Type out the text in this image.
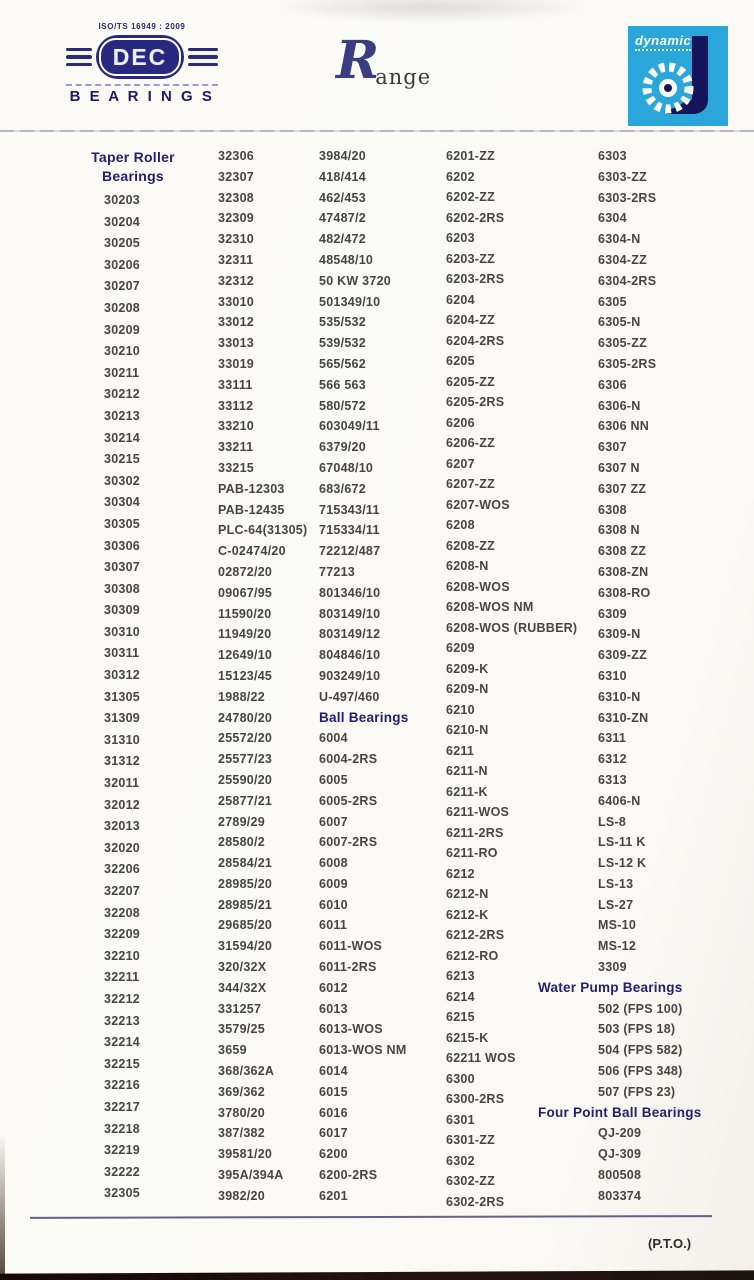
ISO/TS 16949 : 2009
DEC
B E A R I N G S
Range
dynamic
Taper Roller Bearings
30203
30204
30205
30206
30207
30208
30209
30210
30211
30212
30213
30214
30215
30302
30304
30305
30306
30307
30308
30309
30310
30311
30312
31305
31309
31310
31312
32011
32012
32013
32020
32206
32207
32208
32209
32210
32211
32212
32213
32214
32215
32216
32217
32218
32219
32222
32305
32306
32307
32308
32309
32310
32311
32312
33010
33012
33013
33019
33111
33112
33210
33211
33215
PAB-12303
PAB-12435
PLC-64(31305)
C-02474/20
02872/20
09067/95
11590/20
11949/20
12649/10
15123/45
1988/22
24780/20
25572/20
25577/23
25590/20
25877/21
2789/29
28580/2
28584/21
28985/20
28985/21
29685/20
31594/20
320/32X
344/32X
331257
3579/25
3659
368/362A
369/362
3780/20
387/382
39581/20
395A/394A
3982/20
3984/20
418/414
462/453
47487/2
482/472
48548/10
50 KW 3720
501349/10
535/532
539/532
565/562
566 563
580/572
603049/11
6379/20
67048/10
683/672
715343/11
715334/11
72212/487
77213
801346/10
803149/10
803149/12
804846/10
903249/10
U-497/460
Ball Bearings
6004
6004-2RS
6005
6005-2RS
6007
6007-2RS
6008
6009
6010
6011
6011-WOS
6011-2RS
6012
6013
6013-WOS
6013-WOS NM
6014
6015
6016
6017
6200
6200-2RS
6201
6201-ZZ
6202
6202-ZZ
6202-2RS
6203
6203-ZZ
6203-2RS
6204
6204-ZZ
6204-2RS
6205
6205-ZZ
6205-2RS
6206
6206-ZZ
6207
6207-ZZ
6207-WOS
6208
6208-ZZ
6208-N
6208-WOS
6208-WOS NM
6208-WOS (RUBBER)
6209
6209-K
6209-N
6210
6210-N
6211
6211-N
6211-K
6211-WOS
6211-2RS
6211-RO
6212
6212-N
6212-K
6212-2RS
6212-RO
6213
6214
6215
6215-K
62211 WOS
6300
6300-2RS
6301
6301-ZZ
6302
6302-ZZ
6302-2RS
6303
6303-ZZ
6303-2RS
6304
6304-N
6304-ZZ
6304-2RS
6305
6305-N
6305-ZZ
6305-2RS
6306
6306-N
6306 NN
6307
6307 N
6307 ZZ
6308
6308 N
6308 ZZ
6308-ZN
6308-RO
6309
6309-N
6309-ZZ
6310
6310-N
6310-ZN
6311
6312
6313
6406-N
LS-8
LS-11 K
LS-12 K
LS-13
LS-27
MS-10
MS-12
3309
Water Pump Bearings
502 (FPS 100)
503 (FPS 18)
504 (FPS 582)
506 (FPS 348)
507 (FPS 23)
Four Point Ball Bearings
QJ-209
QJ-309
800508
803374
(P.T.O.)
